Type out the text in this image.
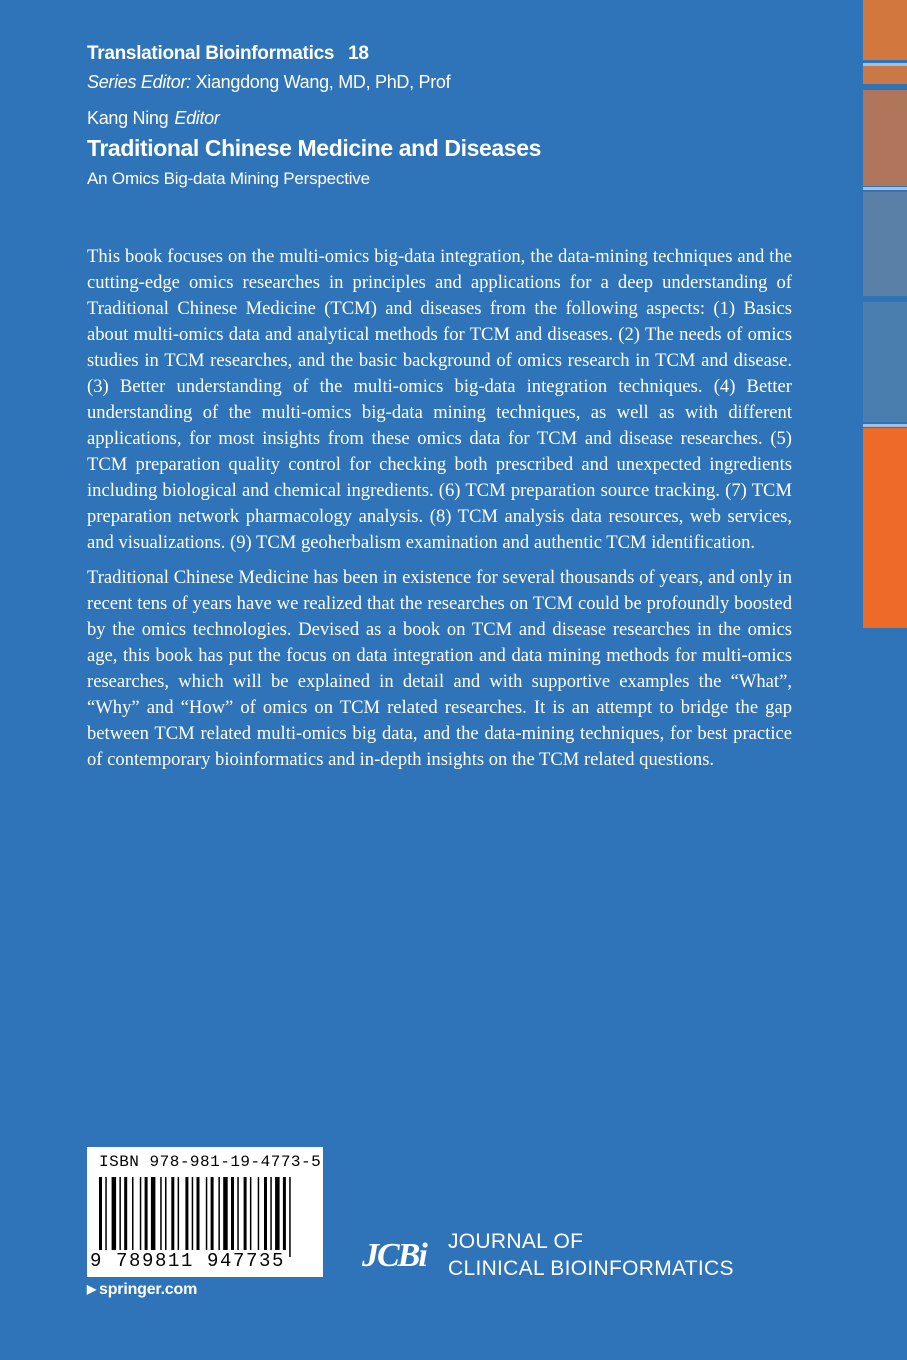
Translational Bioinformatics 18
Series Editor: Xiangdong Wang, MD, PhD, Prof
Kang Ning Editor
Traditional Chinese Medicine and Diseases
An Omics Big-data Mining Perspective

This book focuses on the multi-omics big-data integration, the data-mining techniques and the cutting-edge omics researches in principles and applications for a deep understanding of Traditional Chinese Medicine (TCM) and diseases from the following aspects: (1) Basics about multi-omics data and analytical methods for TCM and diseases. (2) The needs of omics studies in TCM researches, and the basic background of omics research in TCM and disease. (3) Better understanding of the multi-omics big-data integration techniques. (4) Better understanding of the multi-omics big-data mining techniques, as well as with different applications, for most insights from these omics data for TCM and disease researches. (5) TCM preparation quality control for checking both prescribed and unexpected ingredients including biological and chemical ingredients. (6) TCM preparation source tracking. (7) TCM preparation network pharmacology analysis. (8) TCM analysis data resources, web services, and visualizations. (9) TCM geoherbalism examination and authentic TCM identification.

Traditional Chinese Medicine has been in existence for several thousands of years, and only in recent tens of years have we realized that the researches on TCM could be profoundly boosted by the omics technologies. Devised as a book on TCM and disease researches in the omics age, this book has put the focus on data integration and data mining methods for multi-omics researches, which will be explained in detail and with supportive examples the “What”, “Why” and “How” of omics on TCM related researches. It is an attempt to bridge the gap between TCM related multi-omics big data, and the data-mining techniques, for best practice of contemporary bioinformatics and in-depth insights on the TCM related questions.

ISBN 978-981-19-4773-5
9 789811 947735
▶ springer.com
JCBi JOURNAL OF
CLINICAL BIOINFORMATICS
